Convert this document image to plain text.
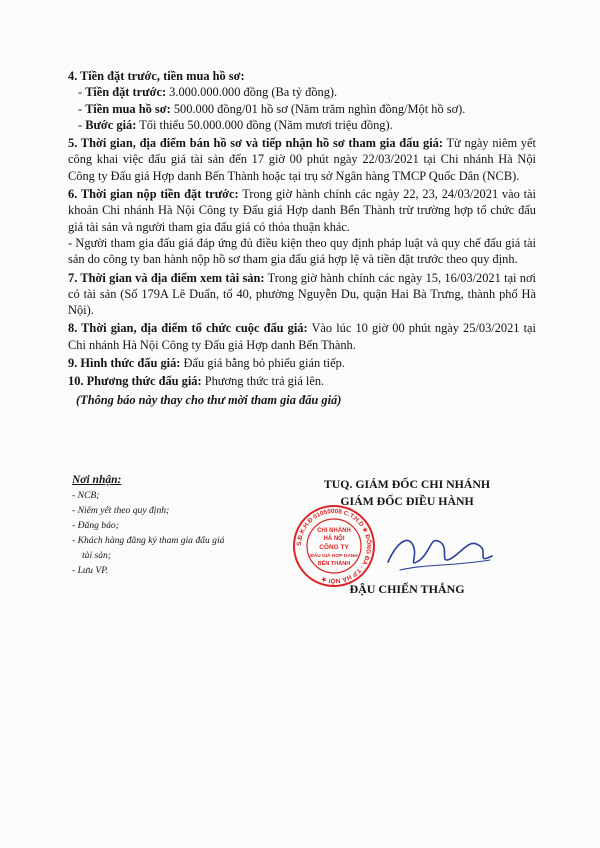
4. Tiền đặt trước, tiền mua hồ sơ:

- Tiền đặt trước: 3.000.000.000 đồng (Ba tỷ đồng).

- Tiền mua hồ sơ: 500.000 đồng/01 hồ sơ (Năm trăm nghìn đồng/Một hồ sơ).

- Bước giá: Tối thiểu 50.000.000 đồng (Năm mươi triệu đồng).

5. Thời gian, địa điểm bán hồ sơ và tiếp nhận hồ sơ tham gia đấu giá: Từ ngày niêm yết công khai việc đấu giá tài sản đến 17 giờ 00 phút ngày 22/03/2021 tại Chi nhánh Hà Nội Công ty Đấu giá Hợp danh Bến Thành hoặc tại trụ sở Ngân hàng TMCP Quốc Dân (NCB).

6. Thời gian nộp tiền đặt trước: Trong giờ hành chính các ngày 22, 23, 24/03/2021 vào tài khoản Chi nhánh Hà Nội Công ty Đấu giá Hợp danh Bến Thành trừ trường hợp tổ chức đấu giá tài sản và người tham gia đấu giá có thỏa thuận khác.

- Người tham gia đấu giá đáp ứng đủ điều kiện theo quy định pháp luật và quy chế đấu giá tài sản do công ty ban hành nộp hồ sơ tham gia đấu giá hợp lệ và tiền đặt trước theo quy định.

7. Thời gian và địa điểm xem tài sản: Trong giờ hành chính các ngày 15, 16/03/2021 tại nơi có tài sản (Số 179A Lê Duẩn, tổ 40, phường Nguyễn Du, quận Hai Bà Trưng, thành phố Hà Nội).

8. Thời gian, địa điểm tổ chức cuộc đấu giá: Vào lúc 10 giờ 00 phút ngày 25/03/2021 tại Chi nhánh Hà Nội Công ty Đấu giá Hợp danh Bến Thành.

9. Hình thức đấu giá: Đấu giá bằng bỏ phiếu gián tiếp.

10. Phương thức đấu giá: Phương thức trả giá lên.

(Thông báo này thay cho thư mời tham gia đấu giá)

Nơi nhận:
- NCB;
- Niêm yết theo quy định;
- Đăng báo;
- Khách hàng đăng ký tham gia đấu giá
tài sản;
- Lưu VP.
TUQ. GIÁM ĐỐC CHI NHÁNH
GIÁM ĐỐC ĐIỀU HÀNH
S.Đ.K.H.Đ 01050008 C.T.H.D ★ ĐỐNG ĐA - T.P HÀ NỘI ★
CHI NHÁNH
HÀ NỘI
CÔNG TY
ĐẤU GIÁ HỢP DANH
BẾN THÀNH
ĐẬU CHIẾN THẮNG
